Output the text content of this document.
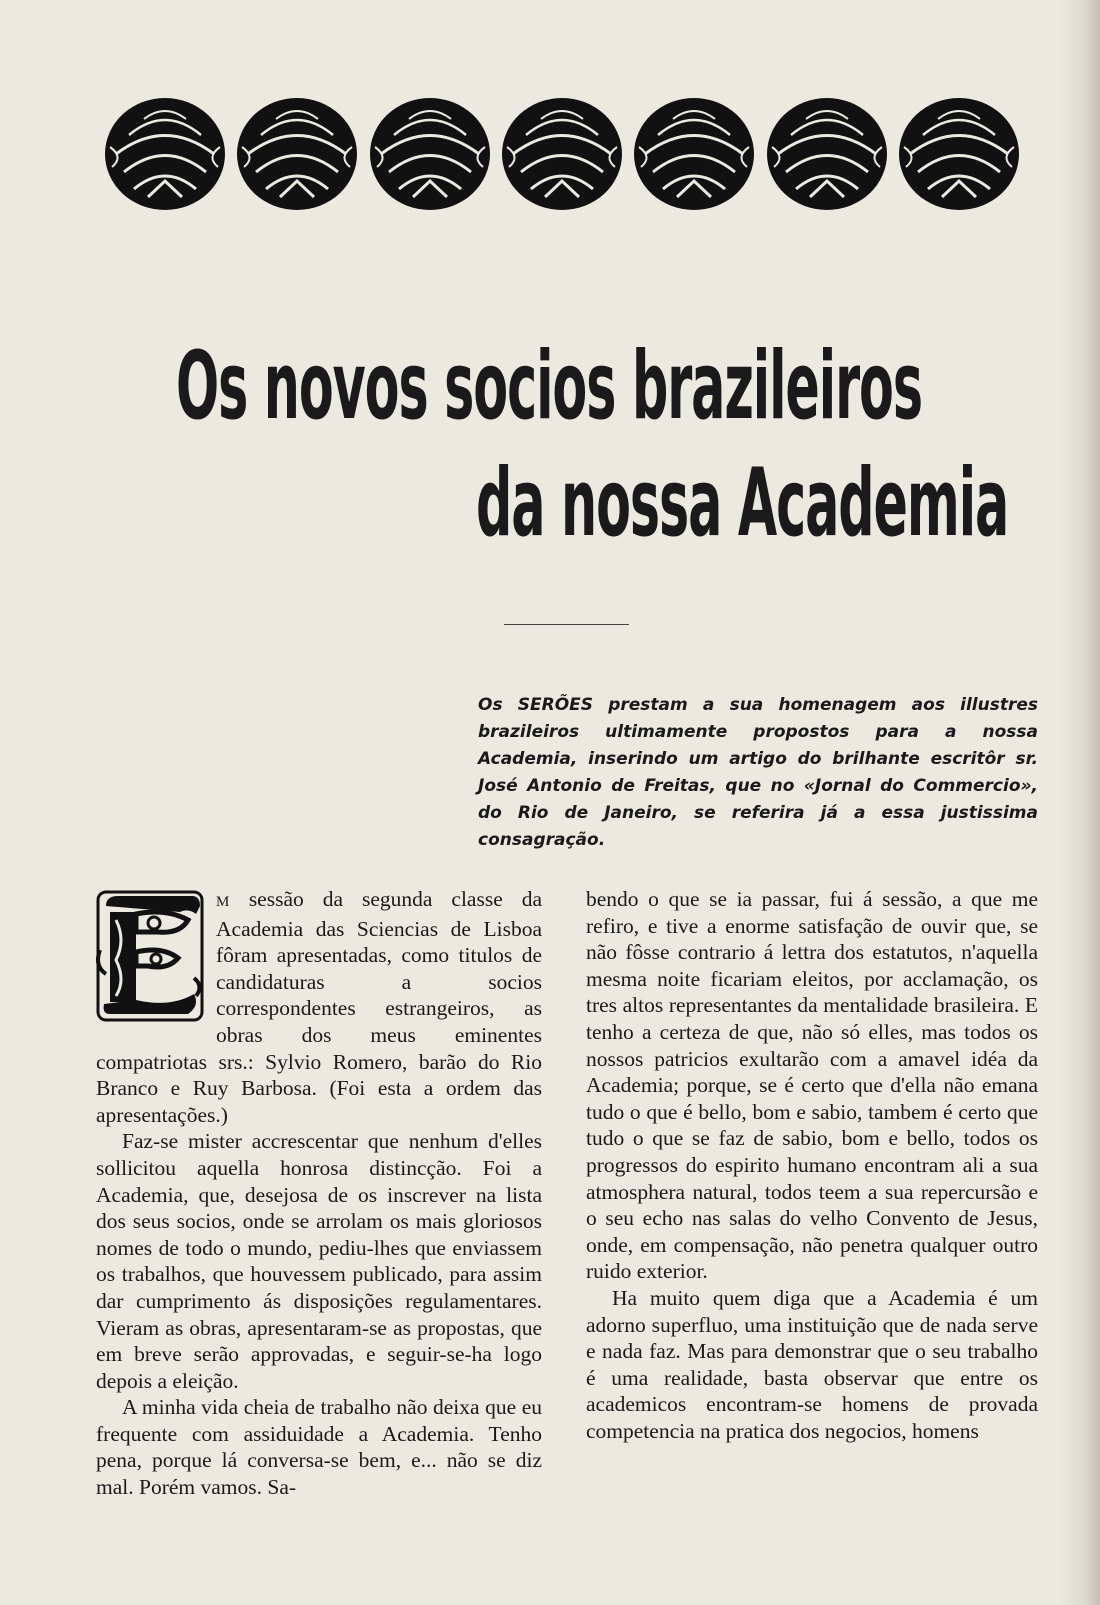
Os novos socios brazileiros
da nossa Academia

Os SERÕES prestam a sua homenagem aos illustres brazileiros ultimamente propostos para a nossa Academia, inserindo um artigo do brilhante escritôr sr. José Antonio de Freitas, que no «Jornal do Commercio», do Rio de Janeiro, se referira já a essa justissima consagração.

M sessão da segunda classe da Academia das Sciencias de Lisboa fôram apresentadas, como titulos de candidaturas a socios correspondentes estrangeiros, as obras dos meus eminentes compatriotas srs.: Sylvio Romero, barão do Rio Branco e Ruy Barbosa. (Foi esta a ordem das apresentações.)

Faz-se mister accrescentar que nenhum d'elles sollicitou aquella honrosa distincção. Foi a Academia, que, desejosa de os inscrever na lista dos seus socios, onde se arrolam os mais gloriosos nomes de todo o mundo, pediu-lhes que enviassem os trabalhos, que houvessem publicado, para assim dar cumprimento ás disposições regulamentares. Vieram as obras, apresentaram-se as propostas, que em breve serão approvadas, e seguir-se-ha logo depois a eleição.

A minha vida cheia de trabalho não deixa que eu frequente com assiduidade a Academia. Tenho pena, porque lá conversa-se bem, e... não se diz mal. Porém vamos. Sa-

bendo o que se ia passar, fui á sessão, a que me refiro, e tive a enorme satisfação de ouvir que, se não fôsse contrario á lettra dos estatutos, n'aquella mesma noite ficariam eleitos, por acclamação, os tres altos representantes da mentalidade brasileira. E tenho a certeza de que, não só elles, mas todos os nossos patricios exultarão com a amavel idéa da Academia; porque, se é certo que d'ella não emana tudo o que é bello, bom e sabio, tambem é certo que tudo o que se faz de sabio, bom e bello, todos os progressos do espirito humano encontram ali a sua atmosphera natural, todos teem a sua repercursão e o seu echo nas salas do velho Convento de Jesus, onde, em compensação, não penetra qualquer outro ruido exterior.

Ha muito quem diga que a Academia é um adorno superfluo, uma instituição que de nada serve e nada faz. Mas para demonstrar que o seu trabalho é uma realidade, basta observar que entre os academicos encontram-se homens de provada competencia na pratica dos negocios, homens
